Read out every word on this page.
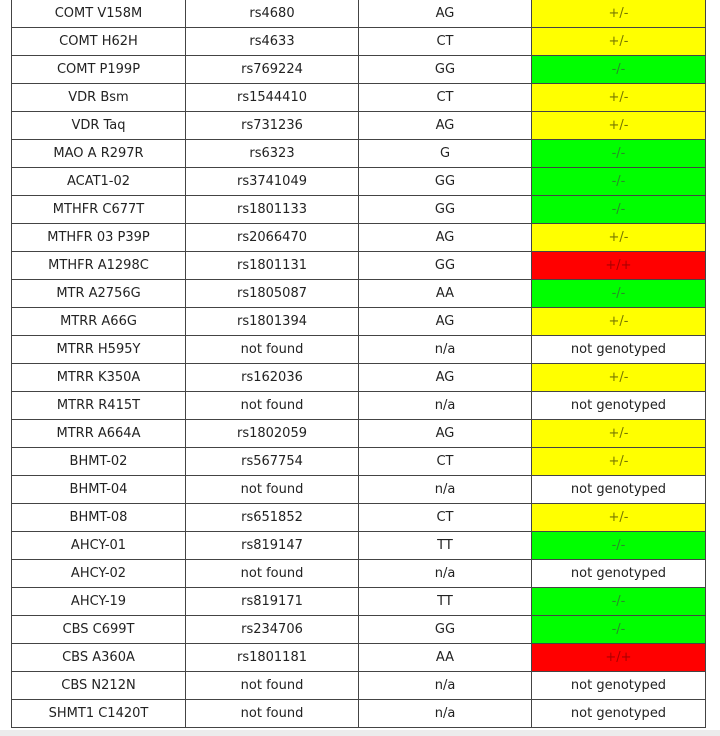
COMT V158M	rs4680	AG	+/-
COMT H62H	rs4633	CT	+/-
COMT P199P	rs769224	GG	-/-
VDR Bsm	rs1544410	CT	+/-
VDR Taq	rs731236	AG	+/-
MAO A R297R	rs6323	G	-/-
ACAT1-02	rs3741049	GG	-/-
MTHFR C677T	rs1801133	GG	-/-
MTHFR 03 P39P	rs2066470	AG	+/-
MTHFR A1298C	rs1801131	GG	+/+
MTR A2756G	rs1805087	AA	-/-
MTRR A66G	rs1801394	AG	+/-
MTRR H595Y	not found	n/a	not genotyped
MTRR K350A	rs162036	AG	+/-
MTRR R415T	not found	n/a	not genotyped
MTRR A664A	rs1802059	AG	+/-
BHMT-02	rs567754	CT	+/-
BHMT-04	not found	n/a	not genotyped
BHMT-08	rs651852	CT	+/-
AHCY-01	rs819147	TT	-/-
AHCY-02	not found	n/a	not genotyped
AHCY-19	rs819171	TT	-/-
CBS C699T	rs234706	GG	-/-
CBS A360A	rs1801181	AA	+/+
CBS N212N	not found	n/a	not genotyped
SHMT1 C1420T	not found	n/a	not genotyped
